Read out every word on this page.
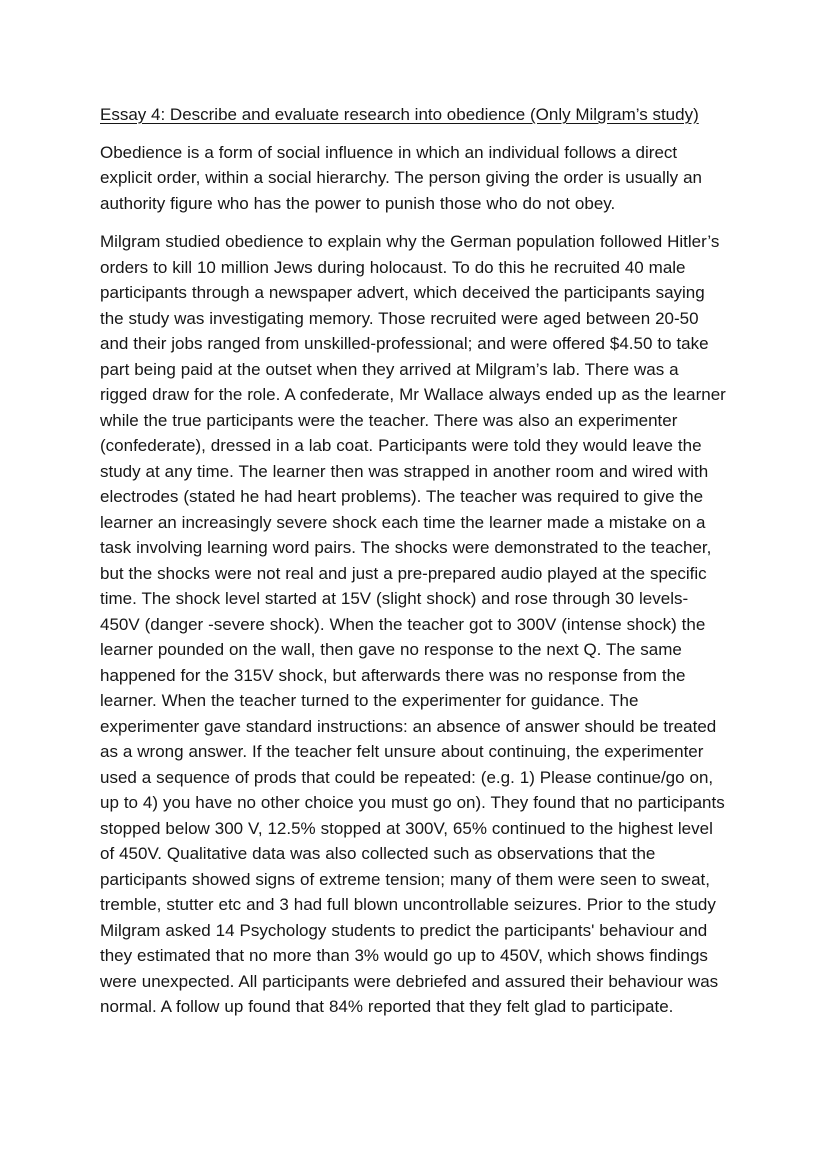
Essay 4: Describe and evaluate research into obedience (Only Milgram’s study)

Obedience is a form of social influence in which an individual follows a direct explicit order, within a social hierarchy. The person giving the order is usually an authority figure who has the power to punish those who do not obey.

Milgram studied obedience to explain why the German population followed Hitler’s orders to kill 10 million Jews during holocaust. To do this he recruited 40 male participants through a newspaper advert, which deceived the participants saying the study was investigating memory. Those recruited were aged between 20-50 and their jobs ranged from unskilled-professional; and were offered $4.50 to take part being paid at the outset when they arrived at Milgram’s lab. There was a rigged draw for the role. A confederate, Mr Wallace always ended up as the learner while the true participants were the teacher. There was also an experimenter (confederate), dressed in a lab coat. Participants were told they would leave the study at any time. The learner then was strapped in another room and wired with electrodes (stated he had heart problems). The teacher was required to give the learner an increasingly severe shock each time the learner made a mistake on a task involving learning word pairs. The shocks were demonstrated to the teacher, but the shocks were not real and just a pre-prepared audio played at the specific time. The shock level started at 15V (slight shock) and rose through 30 levels- 450V (danger -severe shock). When the teacher got to 300V (intense shock) the learner pounded on the wall, then gave no response to the next Q. The same happened for the 315V shock, but afterwards there was no response from the learner. When the teacher turned to the experimenter for guidance. The experimenter gave standard instructions: an absence of answer should be treated as a wrong answer. If the teacher felt unsure about continuing, the experimenter used a sequence of prods that could be repeated: (e.g. 1) Please continue/go on, up to 4) you have no other choice you must go on). They found that no participants stopped below 300 V, 12.5% stopped at 300V, 65% continued to the highest level of 450V. Qualitative data was also collected such as observations that the participants showed signs of extreme tension; many of them were seen to sweat, tremble, stutter etc and 3 had full blown uncontrollable seizures. Prior to the study Milgram asked 14 Psychology students to predict the participants' behaviour and they estimated that no more than 3% would go up to 450V, which shows findings were unexpected. All participants were debriefed and assured their behaviour was normal. A follow up found that 84% reported that they felt glad to participate.
